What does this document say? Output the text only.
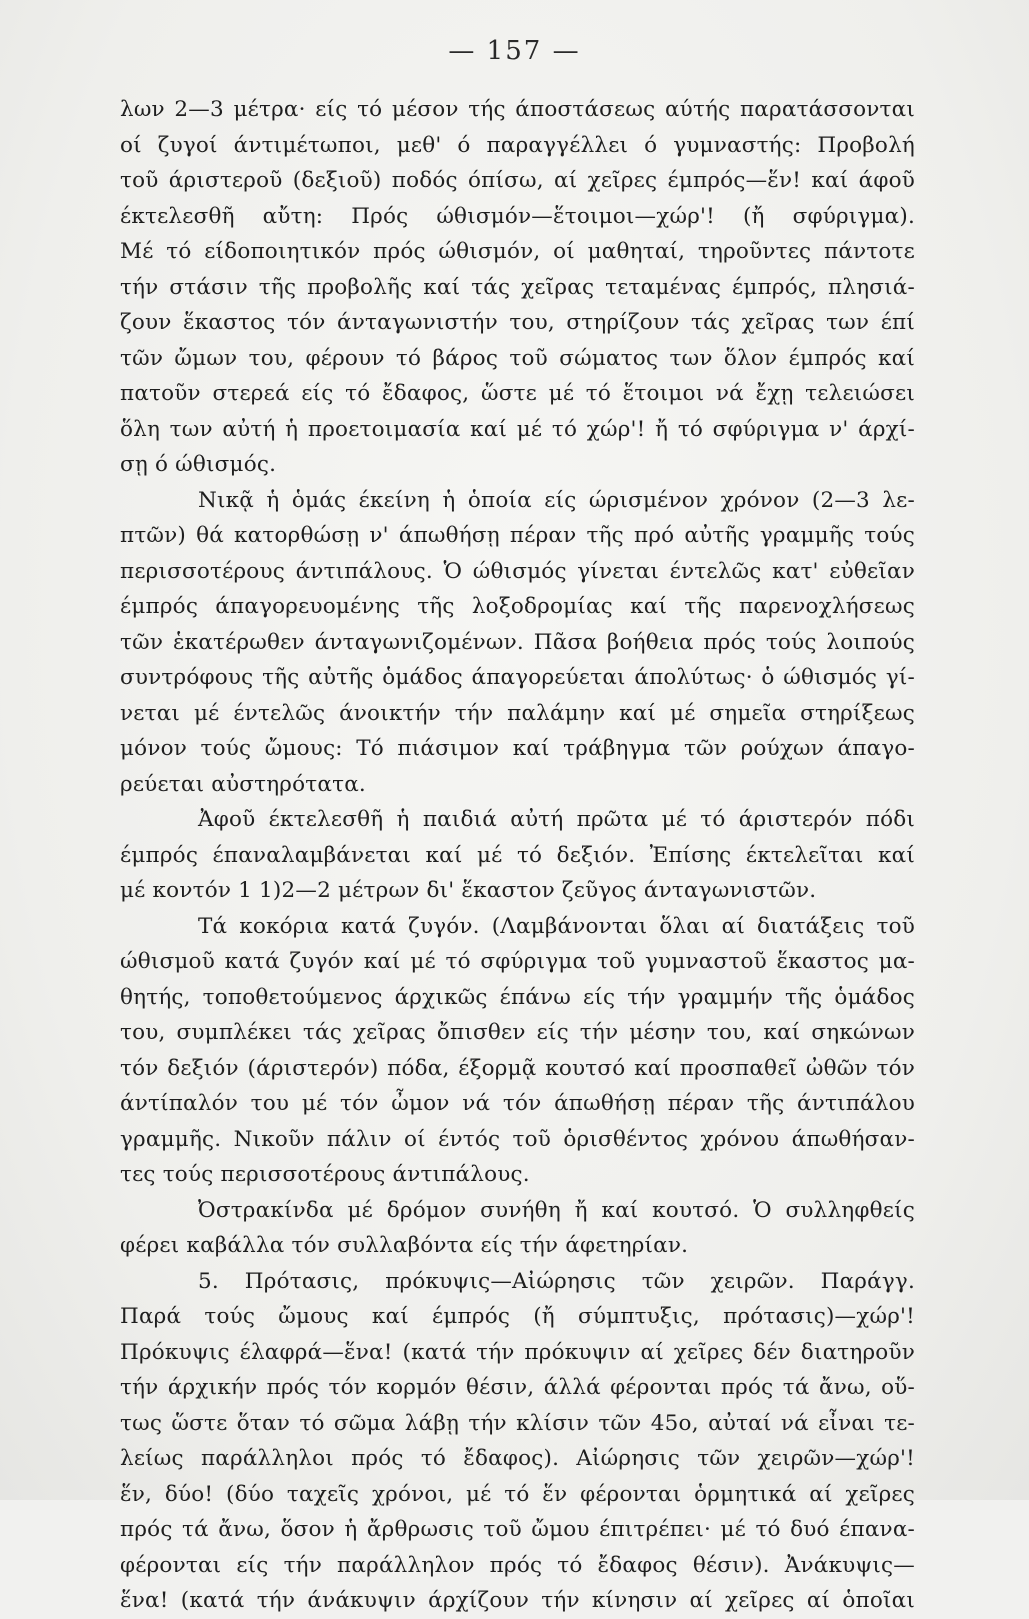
— 157 —
λων 2—3 μέτρα· είς τό μέσον τής άποστάσεως αύτής παρατάσσονται
οί ζυγοί άντιμέτωποι, μεθ' ό παραγγέλλει ό γυμναστής: Προβολή
τοῦ άριστεροῦ (δεξιοῦ) ποδός όπίσω, αί χεῖρες έμπρός—ἕν! καί άφοῦ
έκτελεσθῆ αὔτη: Πρός ώθισμόν—ἕτοιμοι—χώρ'! (ἤ σφύριγμα).
Μέ τό είδοποιητικόν πρός ώθισμόν, οί μαθηταί, τηροῦντες πάντοτε
τήν στάσιν τῆς προβολῆς καί τάς χεῖρας τεταμένας έμπρός, πλησιά-
ζουν ἕκαστος τόν άνταγωνιστήν του, στηρίζουν τάς χεῖρας των έπί
τῶν ὤμων του, φέρουν τό βάρος τοῦ σώματος των ὅλον έμπρός καί
πατοῦν στερεά είς τό ἔδαφος, ὥστε μέ τό ἕτοιμοι νά ἔχῃ τελειώσει
ὅλη των αὐτή ἡ προετοιμασία καί μέ τό χώρ'! ἤ τό σφύριγμα ν' άρχί-
σῃ ό ώθισμός.
Νικᾷ ἡ ὁμάς έκείνη ἡ ὁποία είς ώρισμένον χρόνον (2—3 λε-
πτῶν) θά κατορθώσῃ ν' άπωθήσῃ πέραν τῆς πρό αὐτῆς γραμμῆς τούς
περισσοτέρους άντιπάλους. Ὁ ώθισμός γίνεται έντελῶς κατ' εὐθεῖαν
έμπρός άπαγορευομένης τῆς λοξοδρομίας καί τῆς παρενοχλήσεως
τῶν ἑκατέρωθεν άνταγωνιζομένων. Πᾶσα βοήθεια πρός τούς λοιπούς
συντρόφους τῆς αὐτῆς ὁμάδος άπαγορεύεται άπολύτως· ὁ ώθισμός γί-
νεται μέ έντελῶς άνοικτήν τήν παλάμην καί μέ σημεῖα στηρίξεως
μόνον τούς ὤμους: Τό πιάσιμον καί τράβηγμα τῶν ρούχων άπαγο-
ρεύεται αὐστηρότατα.
Ἀφοῦ έκτελεσθῆ ἡ παιδιά αὐτή πρῶτα μέ τό άριστερόν πόδι
έμπρός έπαναλαμβάνεται καί μέ τό δεξιόν. Ἐπίσης έκτελεῖται καί
μέ κοντόν 1 1)2—2 μέτρων δι' ἕκαστον ζεῦγος άνταγωνιστῶν.
Τά κοκόρια κατά ζυγόν. (Λαμβάνονται ὅλαι αί διατάξεις τοῦ
ώθισμοῦ κατά ζυγόν καί μέ τό σφύριγμα τοῦ γυμναστοῦ ἕκαστος μα-
θητής, τοποθετούμενος άρχικῶς έπάνω είς τήν γραμμήν τῆς ὁμάδος
του, συμπλέκει τάς χεῖρας ὄπισθεν είς τήν μέσην του, καί σηκώνων
τόν δεξιόν (άριστερόν) πόδα, έξορμᾷ κουτσό καί προσπαθεῖ ὠθῶν τόν
άντίπαλόν του μέ τόν ὦμον νά τόν άπωθήσῃ πέραν τῆς άντιπάλου
γραμμῆς. Νικοῦν πάλιν οί έντός τοῦ ὁρισθέντος χρόνου άπωθήσαν-
τες τούς περισσοτέρους άντιπάλους.
Ὀστρακίνδα μέ δρόμον συνήθη ἤ καί κουτσό. Ὁ συλληφθείς
φέρει καβάλλα τόν συλλαβόντα είς τήν άφετηρίαν.
5. Πρότασις, πρόκυψις—Αἰώρησις τῶν χειρῶν. Παράγγ.
Παρά τούς ὤμους καί έμπρός (ἤ σύμπτυξις, πρότασις)—χώρ'!
Πρόκυψις έλαφρά—ἕνα! (κατά τήν πρόκυψιν αί χεῖρες δέν διατηροῦν
τήν άρχικήν πρός τόν κορμόν θέσιν, άλλά φέρονται πρός τά ἄνω, οὕ-
τως ὥστε ὅταν τό σῶμα λάβῃ τήν κλίσιν τῶν 45ο, αὐταί νά εἶναι τε-
λείως παράλληλοι πρός τό ἔδαφος). Αἰώρησις τῶν χειρῶν—χώρ'!
ἕν, δύο! (δύο ταχεῖς χρόνοι, μέ τό ἕν φέρονται ὁρμητικά αί χεῖρες
πρός τά ἄνω, ὅσον ἡ ἄρθρωσις τοῦ ὤμου έπιτρέπει· μέ τό δυό έπανα-
φέρονται είς τήν παράλληλον πρός τό ἔδαφος θέσιν). Ἀνάκυψις—
ἕνα! (κατά τήν άνάκυψιν άρχίζουν τήν κίνησιν αί χεῖρες αί ὁποῖαι
